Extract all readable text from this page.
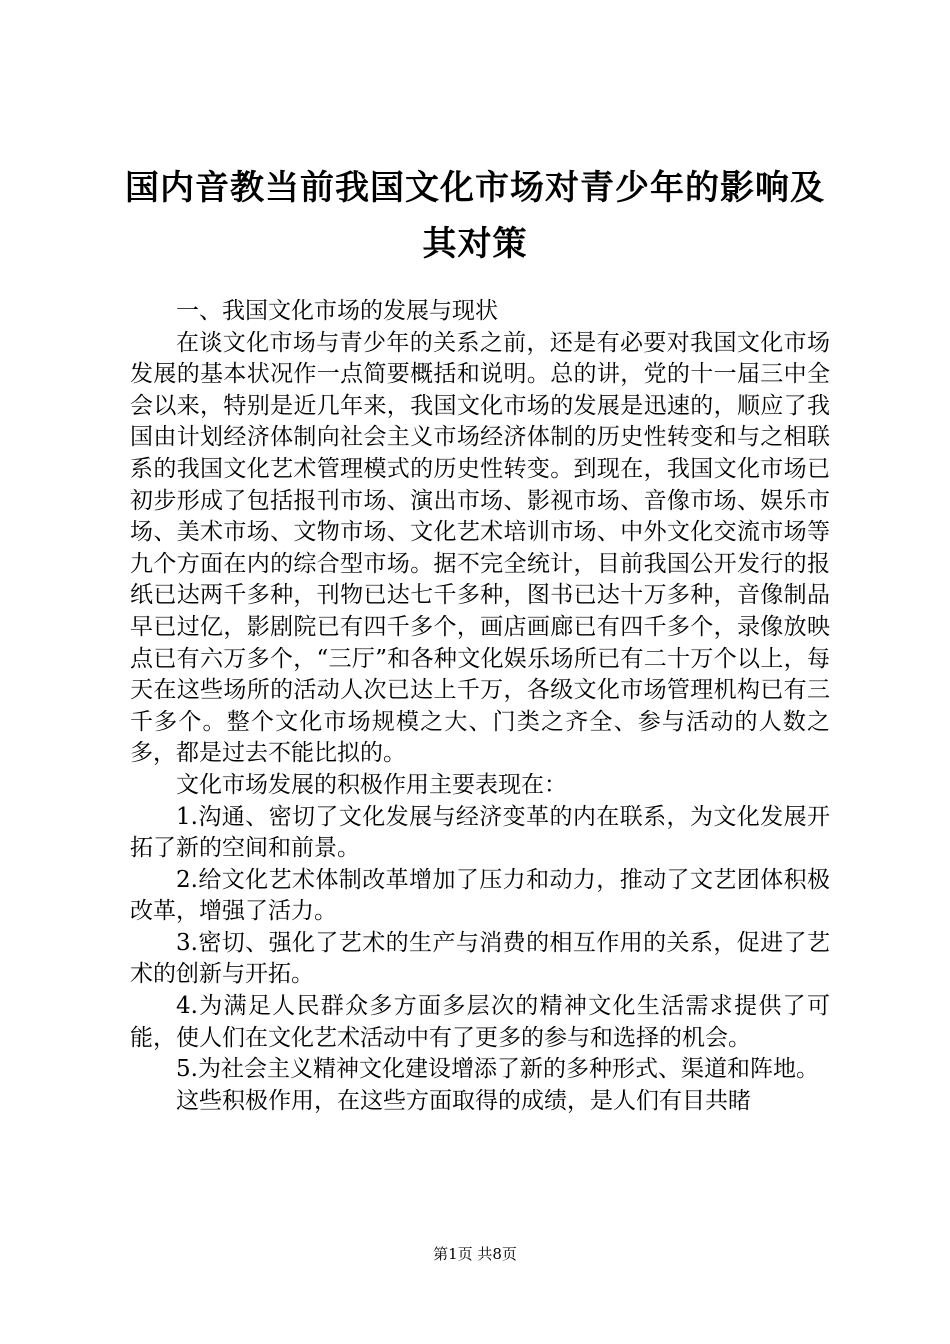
国内音教当前我国文化市场对青少年的影响及其对策

一、我国文化市场的发展与现状

在谈文化市场与青少年的关系之前，还是有必要对我国文化市场发展的基本状况作一点简要概括和说明。总的讲，党的十一届三中全会以来，特别是近几年来，我国文化市场的发展是迅速的，顺应了我国由计划经济体制向社会主义市场经济体制的历史性转变和与之相联系的我国文化艺术管理模式的历史性转变。到现在，我国文化市场已初步形成了包括报刊市场、演出市场、影视市场、音像市场、娱乐市场、美术市场、文物市场、文化艺术培训市场、中外文化交流市场等九个方面在内的综合型市场。据不完全统计，目前我国公开发行的报纸已达两千多种，刊物已达七千多种，图书已达十万多种，音像制品早已过亿，影剧院已有四千多个，画店画廊已有四千多个，录像放映点已有六万多个，“三厅”和各种文化娱乐场所已有二十万个以上，每天在这些场所的活动人次已达上千万，各级文化市场管理机构已有三千多个。整个文化市场规模之大、门类之齐全、参与活动的人数之多，都是过去不能比拟的。

文化市场发展的积极作用主要表现在：

1.沟通、密切了文化发展与经济变革的内在联系，为文化发展开拓了新的空间和前景。

2.给文化艺术体制改革增加了压力和动力，推动了文艺团体积极改革，增强了活力。

3.密切、强化了艺术的生产与消费的相互作用的关系，促进了艺术的创新与开拓。

4.为满足人民群众多方面多层次的精神文化生活需求提供了可能，使人们在文化艺术活动中有了更多的参与和选择的机会。

5.为社会主义精神文化建设增添了新的多种形式、渠道和阵地。

这些积极作用，在这些方面取得的成绩，是人们有目共睹

第1页 共8页
